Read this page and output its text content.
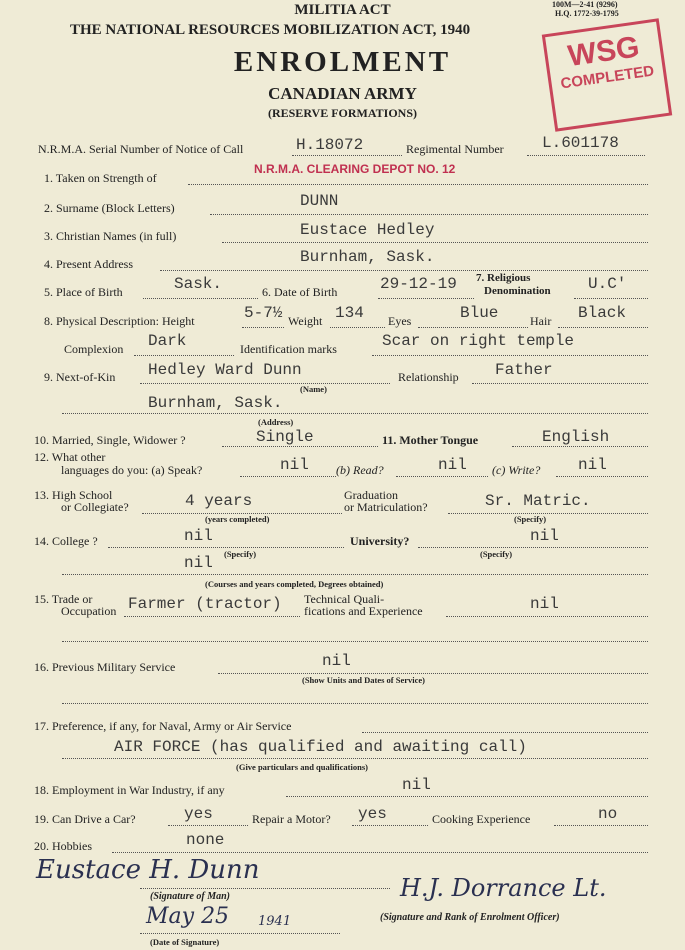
100M—2-41 (9296)
H.Q. 1772-39-1795
MILITIA ACT
THE NATIONAL RESOURCES MOBILIZATION ACT, 1940
ENROLMENT
CANADIAN ARMY
(RESERVE FORMATIONS)
WSG
COMPLETED
N.R.M.A. Serial Number of Notice of Call	H.18072	Regimental Number L.601178
1. Taken on Strength of
N.R.M.A. CLEARING DEPOT NO. 12
2. Surname (Block Letters)	DUNN
3. Christian Names (in full)	Eustace Hedley
4. Present Address	Burnham, Sask.
5. Place of Birth	Sask.	6. Date of Birth	29-12-19 7. Religious
Denomination U.C'
8. Physical Description: Height	5-7½ Weight 134 Eyes	Blue	Hair Black
Complexion Dark	Identification marks	Scar on right temple
9. Next-of-Kin Hedley Ward Dunn
(Name)
Relationship Father
Burnham, Sask.
(Address)
10. Married, Single, Widower ?	Single	11. Mother Tongue	English
12. What other
languages do you: (a) Speak?	nil (b) Read?	nil (c) Write? nil
13. High School
or Collegiate?	4 years
(years completed)
Graduation
or Matriculation?	Sr. Matric.
(Specify)
14. College ?	nil	University?	nil
nil (Specify)	(Specify)
(Courses and years completed, Degrees obtained)
15. Trade or
Occupation Farmer (tractor) Technical Quali-
fications and Experience	nil
16. Previous Military Service	nil
(Show Units and Dates of Service)
17. Preference, if any, for Naval, Army or Air Service
AIR FORCE (has qualified and awaiting call)
(Give particulars and qualifications)
18. Employment in War Industry, if any	nil
19. Can Drive a Car?	yes	Repair a Motor? yes	Cooking Experience	no
20. Hobbies	none
Eustace H. Dunn
(Signature of Man)	H.J. Dorrance Lt.
(Signature and Rank of Enrolment Officer)
May 25 1941
(Date of Signature)
